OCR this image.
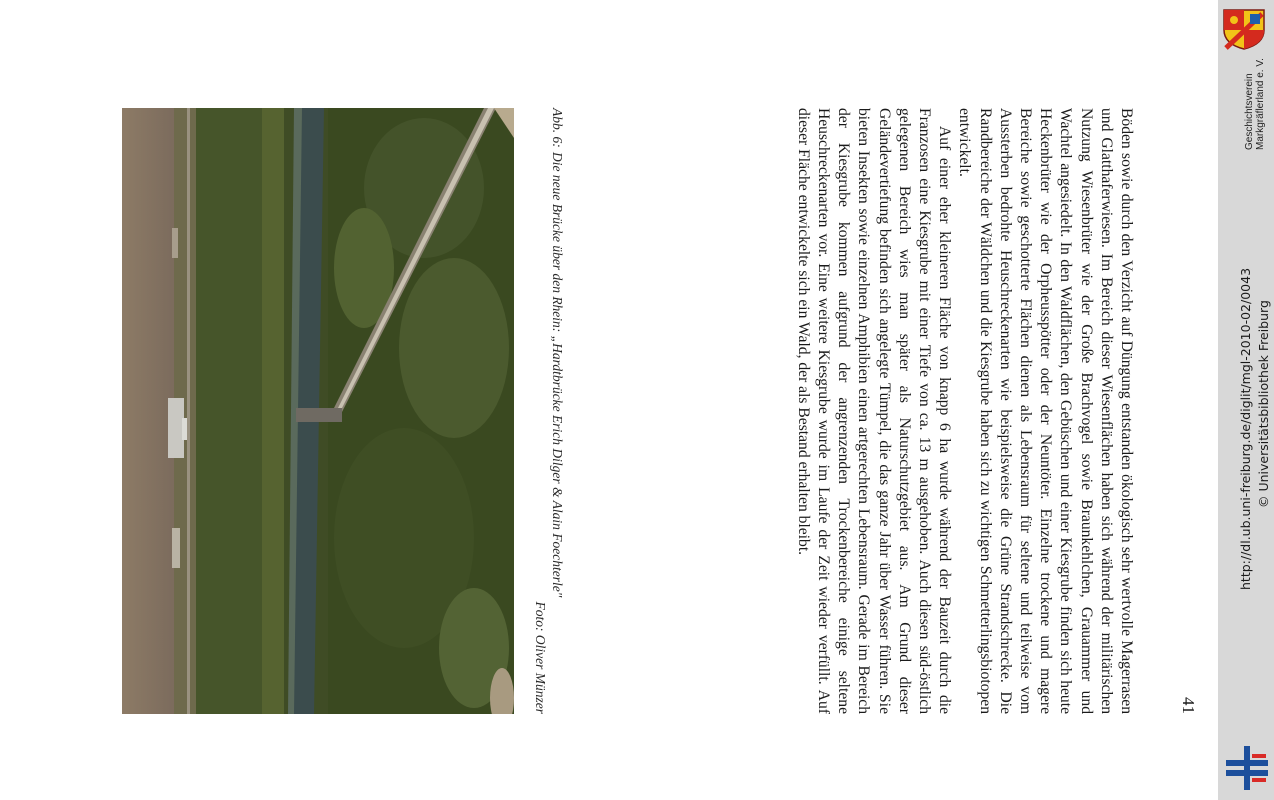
41

Böden sowie durch den Verzicht auf Düngung entstanden ökologisch sehr wertvolle Magerrasen und Glatthaferwiesen. Im Bereich dieser Wiesenflächen haben sich während der militärischen Nutzung Wiesenbrüter wie der Große Brachvogel sowie Braunkehlchen, Grauammer und Wachtel angesiedelt. In den Waldflächen, den Gebüschen und einer Kiesgrube finden sich heute Heckenbrüter wie der Orpheusspötter oder der Neuntöter. Einzelne trockene und magere Bereiche sowie geschotterte Flächen dienen als Lebensraum für seltene und teilweise vom Aussterben bedrohte Heuschreckenarten wie beispielsweise die Grüne Strandschrecke. Die Randbereiche der Wäldchen und die Kiesgrube haben sich zu wichtigen Schmetterlingsbiotopen entwickelt.

Auf einer eher kleineren Fläche von knapp 6 ha wurde während der Bauzeit durch die Franzosen eine Kiesgrube mit einer Tiefe von ca. 13 m ausgehoben. Auch diesen süd-östlich gelegenen Bereich wies man später als Naturschutzgebiet aus. Am Grund dieser Geländevertiefung befinden sich angelegte Tümpel, die das ganze Jahr über Wasser führen. Sie bieten Insekten sowie einzelnen Amphibien einen artgerechten Lebensraum. Gerade im Bereich der Kiesgrube kommen aufgrund der angrenzenden Trockenbereiche einige seltene Heuschreckenarten vor. Eine weitere Kiesgrube wurde im Laufe der Zeit wieder verfüllt. Auf dieser Fläche entwickelte sich ein Wald, der als Bestand erhalten bleibt.

Abb. 6:Die neue Brücke über den Rhein: „Hardtbrücke Erich Dilger & Alain Foechterle"
Foto: Oliver Münzer
Geschichtsverein Markgräflerland e. V.
http://dl.ub.uni-freiburg.de/diglit/mgl-2010-02/0043 © Universitätsbibliothek Freiburg
